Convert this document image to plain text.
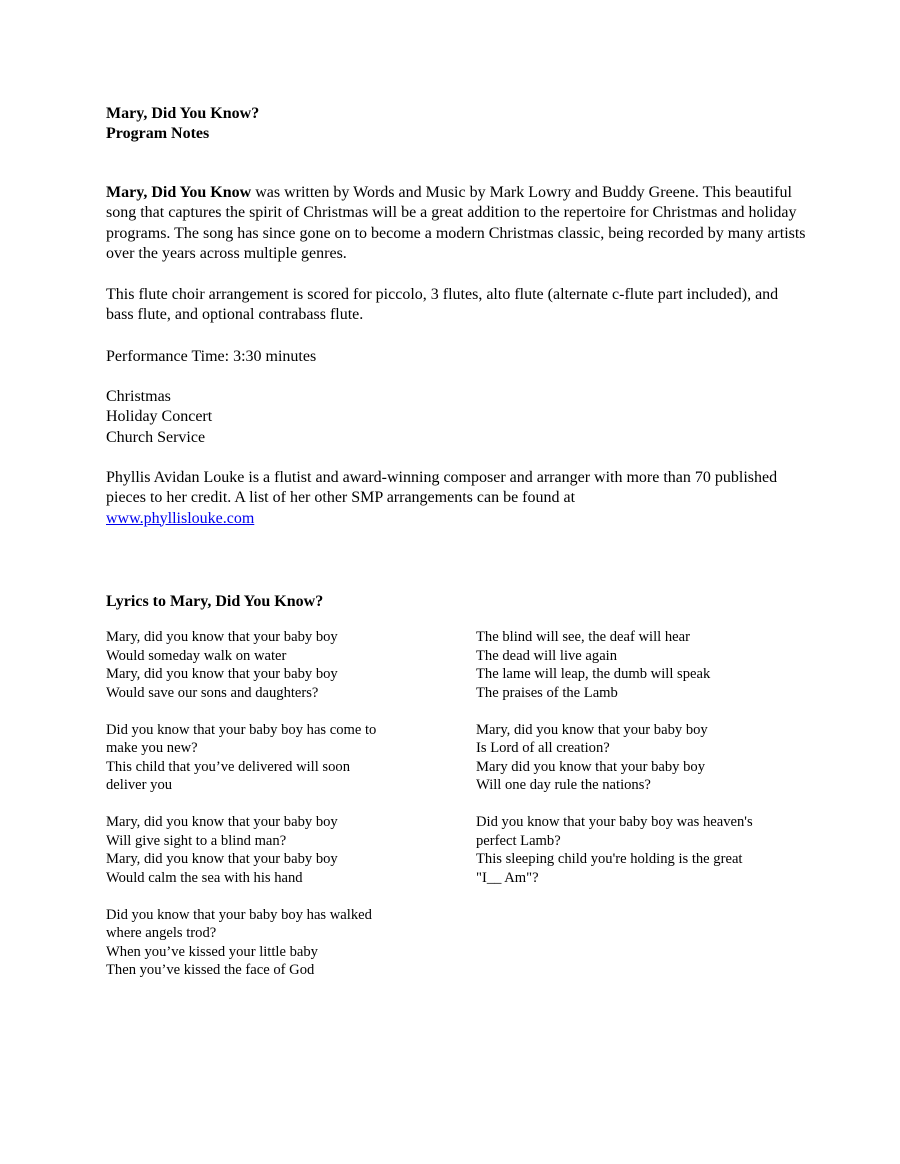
Mary, Did You Know?

Program Notes

Mary, Did You Know was written by Words and Music by Mark Lowry and Buddy Greene. This beautiful song that captures the spirit of Christmas will be a great addition to the repertoire for Christmas and holiday programs. The song has since gone on to become a modern Christmas classic, being recorded by many artists over the years across multiple genres.

This flute choir arrangement is scored for piccolo, 3 flutes, alto flute (alternate c-flute part included), and bass flute, and optional contrabass flute.

Performance Time: 3:30 minutes

Christmas
Holiday Concert
Church Service

Phyllis Avidan Louke is a flutist and award-winning composer and arranger with more than 70 published pieces to her credit. A list of her other SMP arrangements can be found at
www.phyllislouke.com

Lyrics to Mary, Did You Know?

Mary, did you know that your baby boy
Would someday walk on water
Mary, did you know that your baby boy
Would save our sons and daughters?
Did you know that your baby boy has come to
make you new?
This child that you’ve delivered will soon
deliver you
Mary, did you know that your baby boy
Will give sight to a blind man?
Mary, did you know that your baby boy
Would calm the sea with his hand
Did you know that your baby boy has walked
where angels trod?
When you’ve kissed your little baby
Then you’ve kissed the face of God
The blind will see, the deaf will hear
The dead will live again
The lame will leap, the dumb will speak
The praises of the Lamb
Mary, did you know that your baby boy
Is Lord of all creation?
Mary did you know that your baby boy
Will one day rule the nations?
Did you know that your baby boy was heaven's
perfect Lamb?
This sleeping child you're holding is the great
"I__ Am"?
